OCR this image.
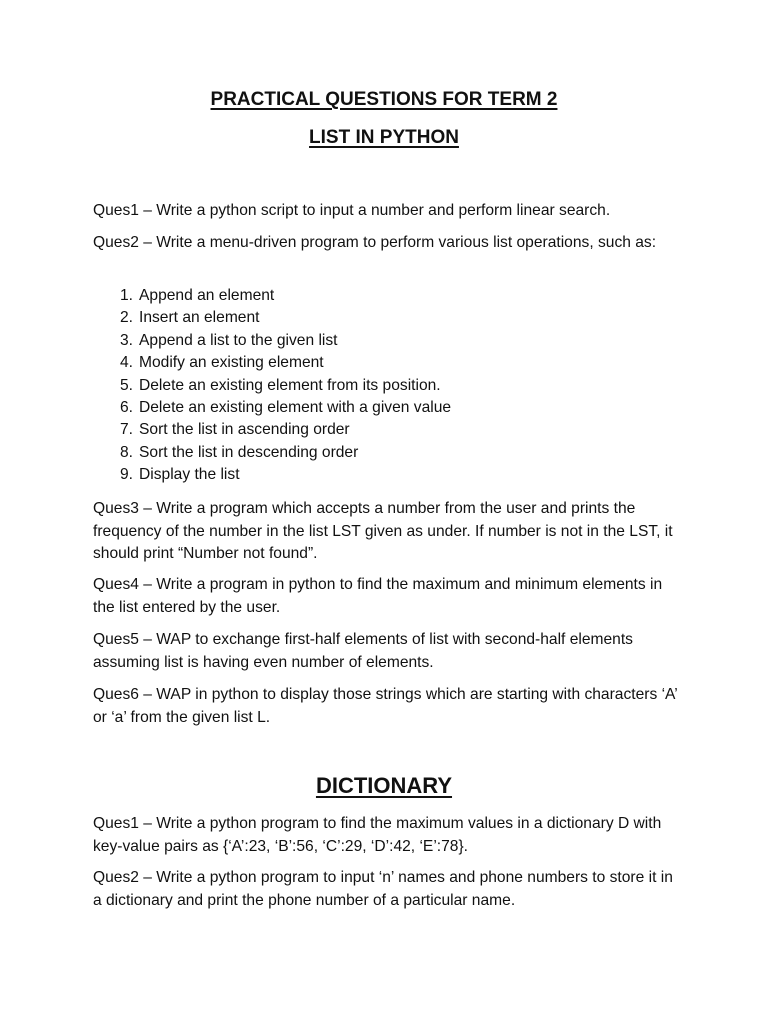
PRACTICAL QUESTIONS FOR TERM 2
LIST IN PYTHON

Ques1 – Write a python script to input a number and perform linear search.

Ques2 – Write a menu-driven program to perform various list operations, such as:

1. Append an element
2. Insert an element
3. Append a list to the given list
4. Modify an existing element
5. Delete an existing element from its position.
6. Delete an existing element with a given value
7. Sort the list in ascending order
8. Sort the list in descending order
9. Display the list

Ques3 – Write a program which accepts a number from the user and prints the frequency of the number in the list LST given as under. If number is not in the LST, it should print “Number not found”.

Ques4 – Write a program in python to find the maximum and minimum elements in the list entered by the user.

Ques5 – WAP to exchange first-half elements of list with second-half elements assuming list is having even number of elements.

Ques6 – WAP in python to display those strings which are starting with characters ‘A’ or ‘a’ from the given list L.

DICTIONARY

Ques1 – Write a python program to find the maximum values in a dictionary D with key-value pairs as {‘A’:23, ‘B’:56, ‘C’:29, ‘D’:42, ‘E’:78}.

Ques2 – Write a python program to input ‘n’ names and phone numbers to store it in a dictionary and print the phone number of a particular name.
